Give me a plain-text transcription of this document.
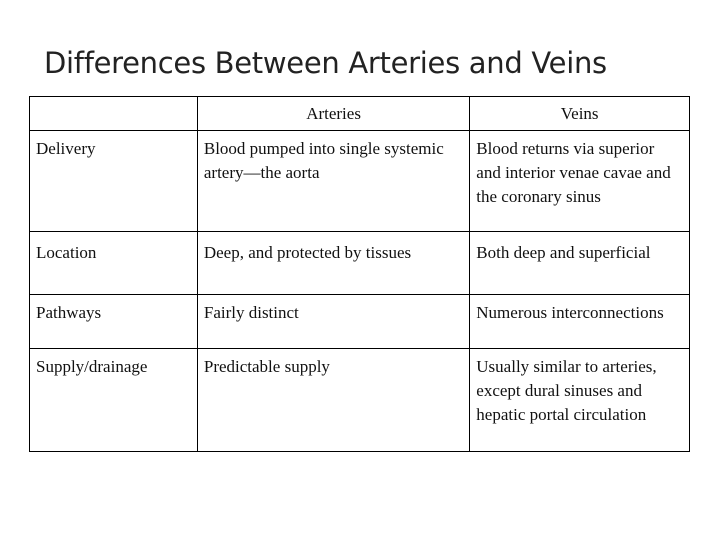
Differences Between Arteries and Veins
	Arteries	Veins
Delivery	Blood pumped into single systemic artery—the aorta	Blood returns via superior and interior venae cavae and the coronary sinus
Location	Deep, and protected by tissues	Both deep and superficial
Pathways	Fairly distinct	Numerous interconnections
Supply/drainage	Predictable supply	Usually similar to arteries, except dural sinuses and hepatic portal circulation
